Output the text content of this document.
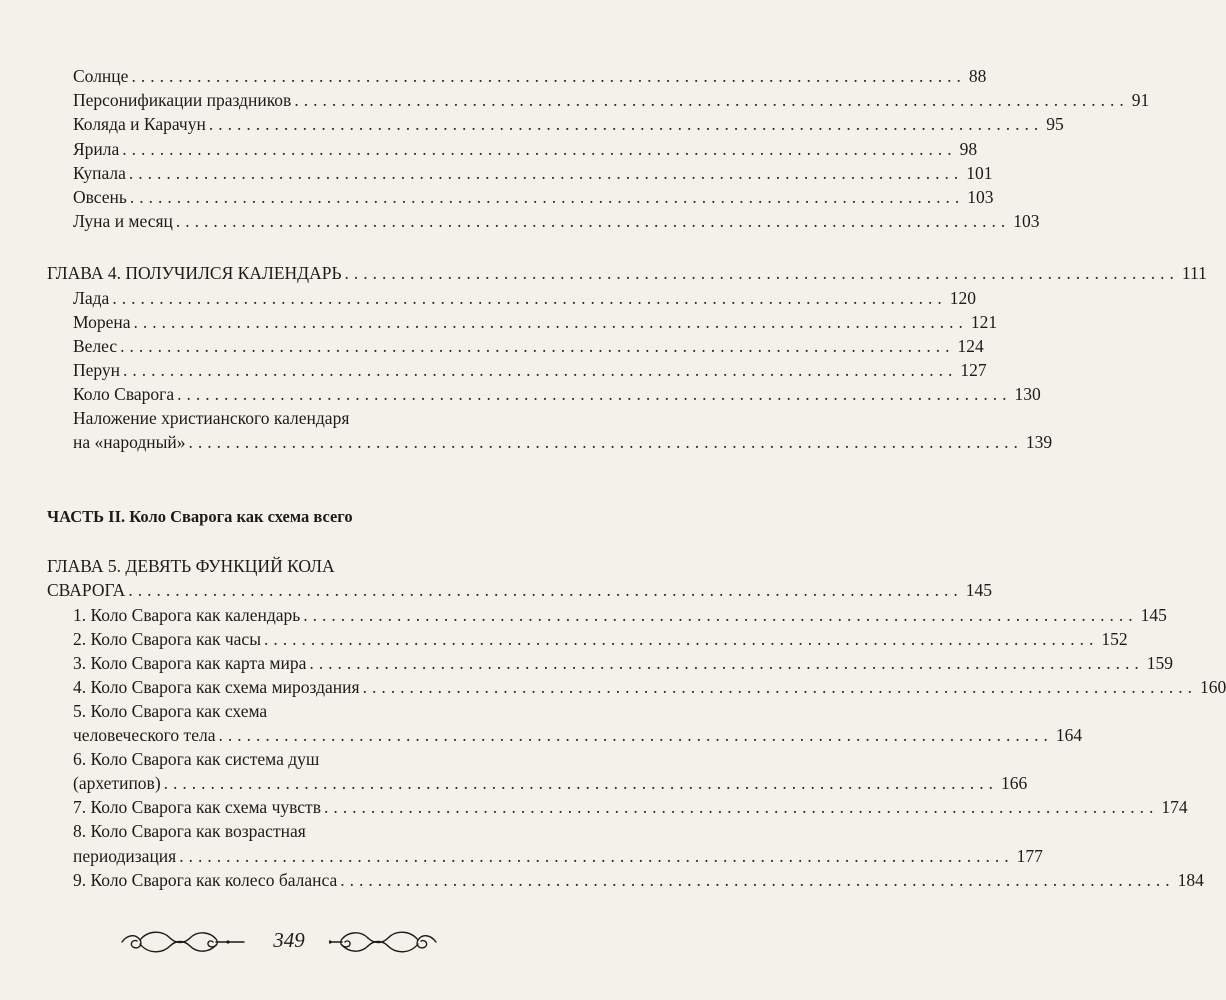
Солнце ......................................................................................... 88
Персонификации праздников ......................................................................................... 91
Коляда и Карачун ......................................................................................... 95
Ярила ......................................................................................... 98
Купала ......................................................................................... 101
Овсень ......................................................................................... 103
Луна и месяц ......................................................................................... 103
ГЛАВА 4. ПОЛУЧИЛСЯ КАЛЕНДАРЬ ......................................................................................... 111
Лада ......................................................................................... 120
Морена ......................................................................................... 121
Велес ......................................................................................... 124
Перун ......................................................................................... 127
Коло Сварога ......................................................................................... 130
Наложение христианского календаря
на «народный» ......................................................................................... 139
ЧАСТЬ II. Коло Сварога как схема всего
ГЛАВА 5. ДЕВЯТЬ ФУНКЦИЙ КОЛА
СВАРОГА ......................................................................................... 145
1. Коло Сварога как календарь ......................................................................................... 145
2. Коло Сварога как часы ......................................................................................... 152
3. Коло Сварога как карта мира ......................................................................................... 159
4. Коло Сварога как схема мироздания ......................................................................................... 160
5. Коло Сварога как схема
человеческого тела ......................................................................................... 164
6. Коло Сварога как система душ
(архетипов) ......................................................................................... 166
7. Коло Сварога как схема чувств ......................................................................................... 174
8. Коло Сварога как возрастная
периодизация ......................................................................................... 177
9. Коло Сварога как колесо баланса ......................................................................................... 184
349
